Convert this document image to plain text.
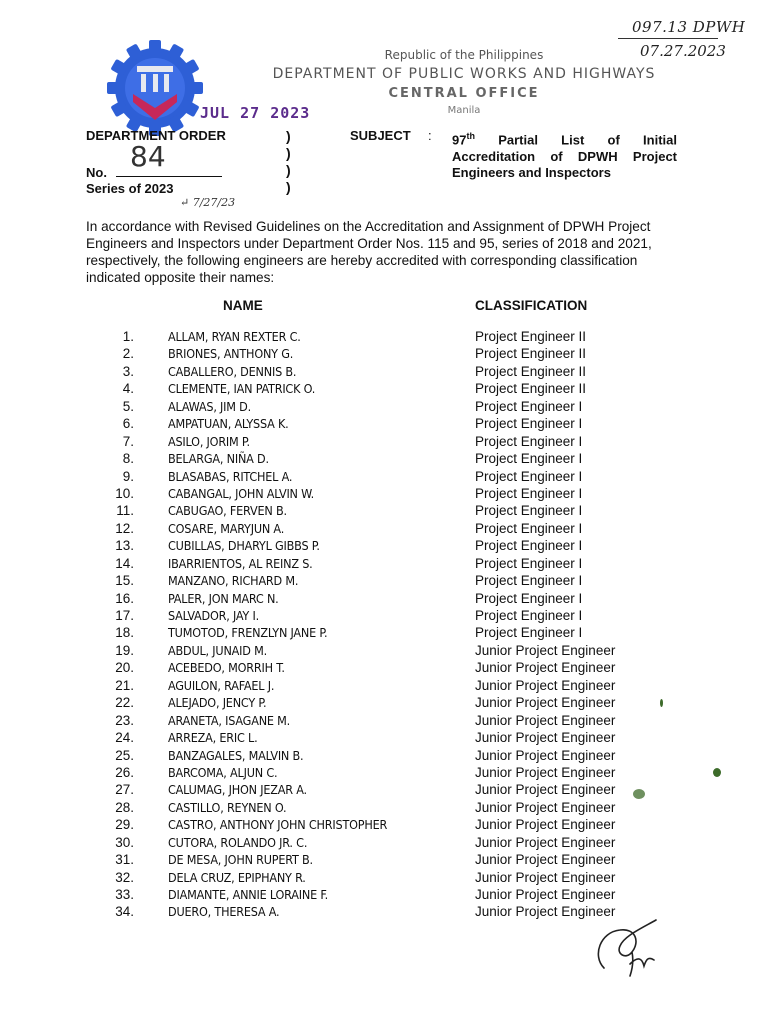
097.13 DPWH
07.27.2023
Republic of the Philippines
DEPARTMENT OF PUBLIC WORKS AND HIGHWAYS
CENTRAL OFFICE
Manila
JUL 27 2023
DEPARTMENT ORDER
84
No.
Series of 2023
↵ 7/27/23
)
)
)
)
SUBJECT : 97th Partial List of Initial Accreditation of DPWH Project Engineers and Inspectors
In accordance with Revised Guidelines on the Accreditation and Assignment of DPWH Project Engineers and Inspectors under Department Order Nos. 115 and 95, series of 2018 and 2021, respectively, the following engineers are hereby accredited with corresponding classification indicated opposite their names:
NAME	CLASSIFICATION
1.	ALLAM, RYAN REXTER C.	Project Engineer II
2.	BRIONES, ANTHONY G.	Project Engineer II
3.	CABALLERO, DENNIS B.	Project Engineer II
4.	CLEMENTE, IAN PATRICK O.	Project Engineer II
5.	ALAWAS, JIM D.	Project Engineer I
6.	AMPATUAN, ALYSSA K.	Project Engineer I
7.	ASILO, JORIM P.	Project Engineer I
8.	BELARGA, NIÑA D.	Project Engineer I
9.	BLASABAS, RITCHEL A.	Project Engineer I
10.	CABANGAL, JOHN ALVIN W.	Project Engineer I
11.	CABUGAO, FERVEN B.	Project Engineer I
12.	COSARE, MARYJUN A.	Project Engineer I
13.	CUBILLAS, DHARYL GIBBS P.	Project Engineer I
14.	IBARRIENTOS, AL REINZ S.	Project Engineer I
15.	MANZANO, RICHARD M.	Project Engineer I
16.	PALER, JON MARC N.	Project Engineer I
17.	SALVADOR, JAY I.	Project Engineer I
18.	TUMOTOD, FRENZLYN JANE P.	Project Engineer I
19.	ABDUL, JUNAID M.	Junior Project Engineer
20.	ACEBEDO, MORRIH T.	Junior Project Engineer
21.	AGUILON, RAFAEL J.	Junior Project Engineer
22.	ALEJADO, JENCY P.	Junior Project Engineer
23.	ARANETA, ISAGANE M.	Junior Project Engineer
24.	ARREZA, ERIC L.	Junior Project Engineer
25.	BANZAGALES, MALVIN B.	Junior Project Engineer
26.	BARCOMA, ALJUN C.	Junior Project Engineer
27.	CALUMAG, JHON JEZAR A.	Junior Project Engineer
28.	CASTILLO, REYNEN O.	Junior Project Engineer
29.	CASTRO, ANTHONY JOHN CHRISTOPHER	Junior Project Engineer
30.	CUTORA, ROLANDO JR. C.	Junior Project Engineer
31.	DE MESA, JOHN RUPERT B.	Junior Project Engineer
32.	DELA CRUZ, EPIPHANY R.	Junior Project Engineer
33.	DIAMANTE, ANNIE LORAINE F.	Junior Project Engineer
34.	DUERO, THERESA A.	Junior Project Engineer
